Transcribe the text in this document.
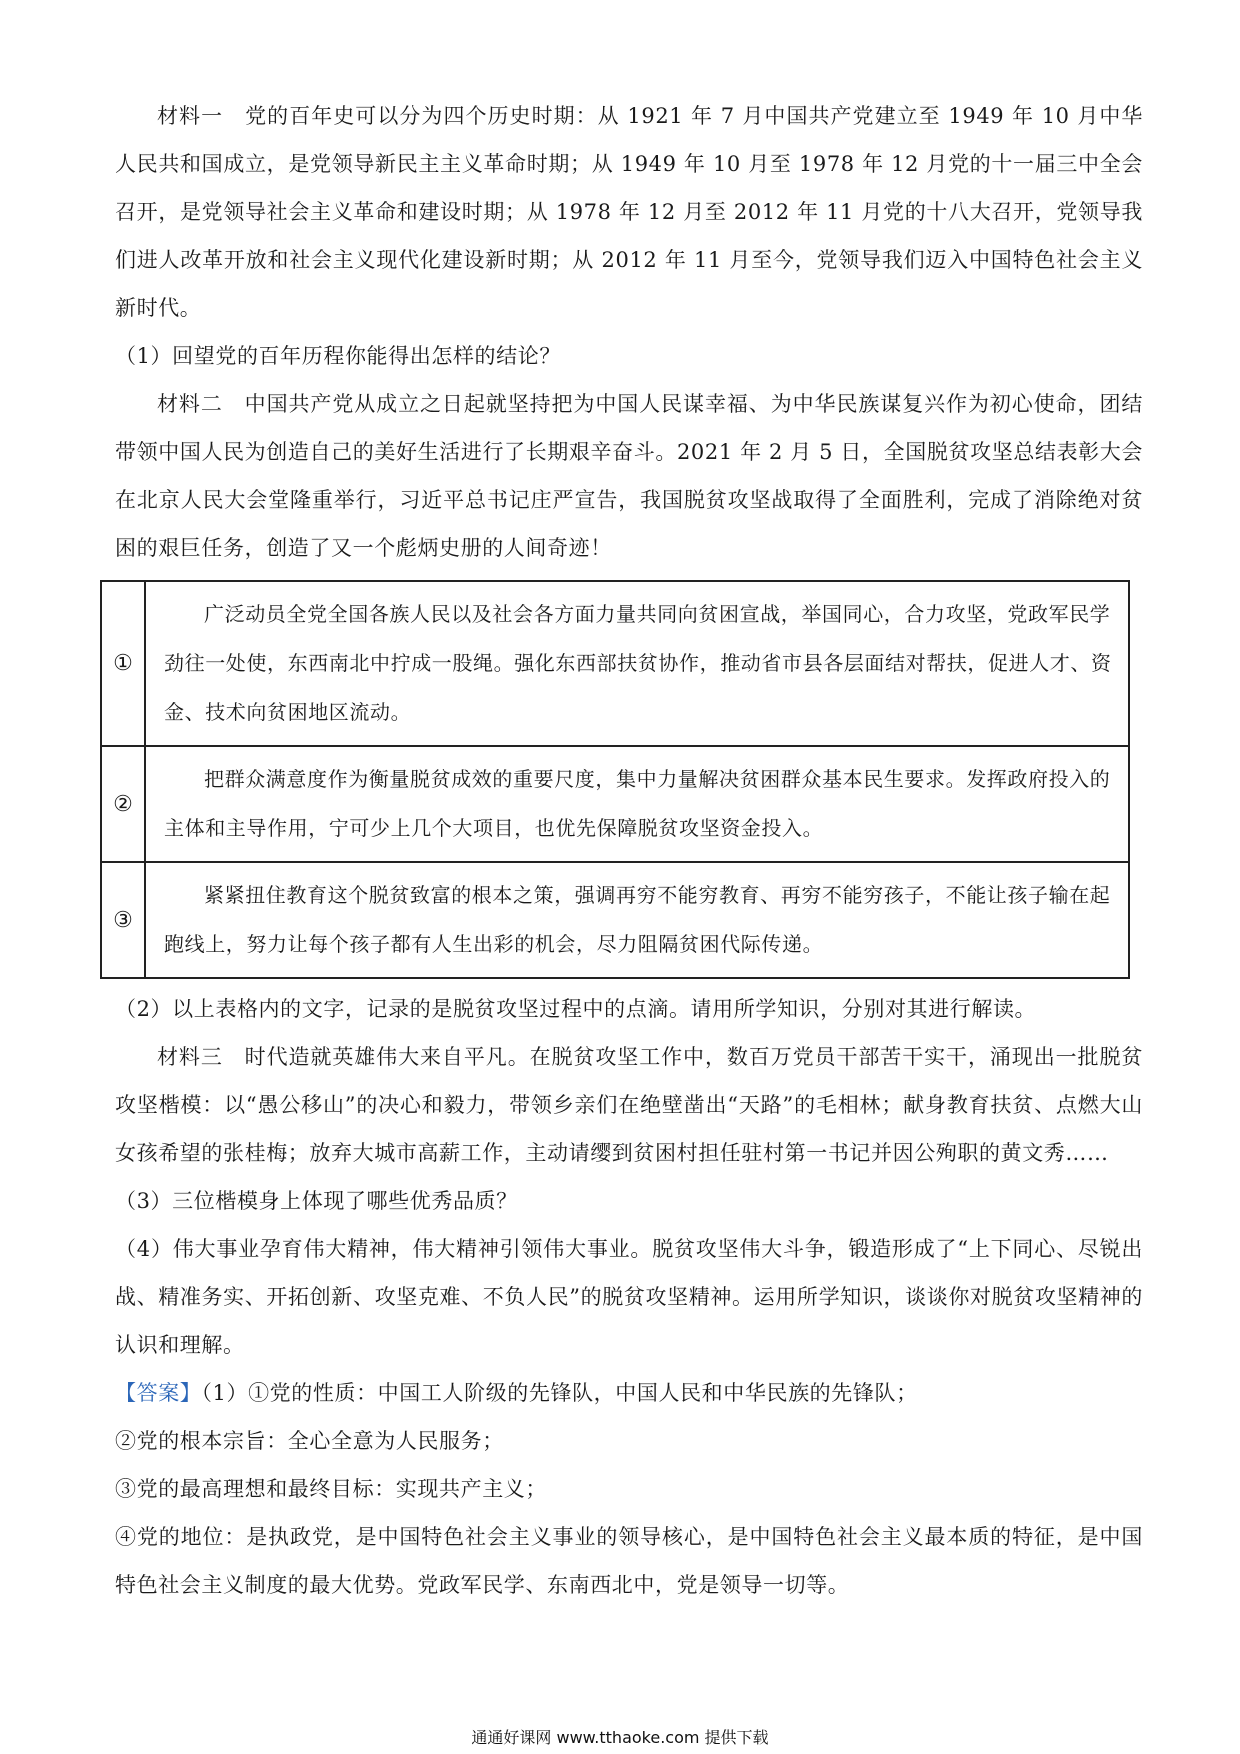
材料一　党的百年史可以分为四个历史时期：从 1921 年 7 月中国共产党建立至 1949 年 10 月中华人民共和国成立，是党领导新民主主义革命时期；从 1949 年 10 月至 1978 年 12 月党的十一届三中全会召开，是党领导社会主义革命和建设时期；从 1978 年 12 月至 2012 年 11 月党的十八大召开，党领导我们进人改革开放和社会主义现代化建设新时期；从 2012 年 11 月至今，党领导我们迈入中国特色社会主义新时代。

（1）回望党的百年历程你能得出怎样的结论？

材料二　中国共产党从成立之日起就坚持把为中国人民谋幸福、为中华民族谋复兴作为初心使命，团结带领中国人民为创造自己的美好生活进行了长期艰辛奋斗。2021 年 2 月 5 日，全国脱贫攻坚总结表彰大会在北京人民大会堂隆重举行，习近平总书记庄严宣告，我国脱贫攻坚战取得了全面胜利，完成了消除绝对贫困的艰巨任务，创造了又一个彪炳史册的人间奇迹！

①	广泛动员全党全国各族人民以及社会各方面力量共同向贫困宣战，举国同心，合力攻坚，党政军民学劲往一处使，东西南北中拧成一股绳。强化东西部扶贫协作，推动省市县各层面结对帮扶，促进人才、资金、技术向贫困地区流动。
②	把群众满意度作为衡量脱贫成效的重要尺度，集中力量解决贫困群众基本民生要求。发挥政府投入的主体和主导作用，宁可少上几个大项目，也优先保障脱贫攻坚资金投入。
③	紧紧扭住教育这个脱贫致富的根本之策，强调再穷不能穷教育、再穷不能穷孩子，不能让孩子输在起跑线上，努力让每个孩子都有人生出彩的机会，尽力阻隔贫困代际传递。

（2）以上表格内的文字，记录的是脱贫攻坚过程中的点滴。请用所学知识，分别对其进行解读。

材料三　时代造就英雄伟大来自平凡。在脱贫攻坚工作中，数百万党员干部苦干实干，涌现出一批脱贫攻坚楷模：以“愚公移山”的决心和毅力，带领乡亲们在绝壁凿出“天路”的毛相林；献身教育扶贫、点燃大山女孩希望的张桂梅；放弃大城市高薪工作，主动请缨到贫困村担任驻村第一书记并因公殉职的黄文秀……

（3）三位楷模身上体现了哪些优秀品质？

（4）伟大事业孕育伟大精神，伟大精神引领伟大事业。脱贫攻坚伟大斗争，锻造形成了“上下同心、尽锐出战、精准务实、开拓创新、攻坚克难、不负人民”的脱贫攻坚精神。运用所学知识，谈谈你对脱贫攻坚精神的认识和理解。

【答案】（1）①党的性质：中国工人阶级的先锋队，中国人民和中华民族的先锋队；

②党的根本宗旨：全心全意为人民服务；

③党的最高理想和最终目标：实现共产主义；

④党的地位：是执政党，是中国特色社会主义事业的领导核心，是中国特色社会主义最本质的特征，是中国特色社会主义制度的最大优势。党政军民学、东南西北中，党是领导一切等。

通通好课网 www.tthaoke.com 提供下载
